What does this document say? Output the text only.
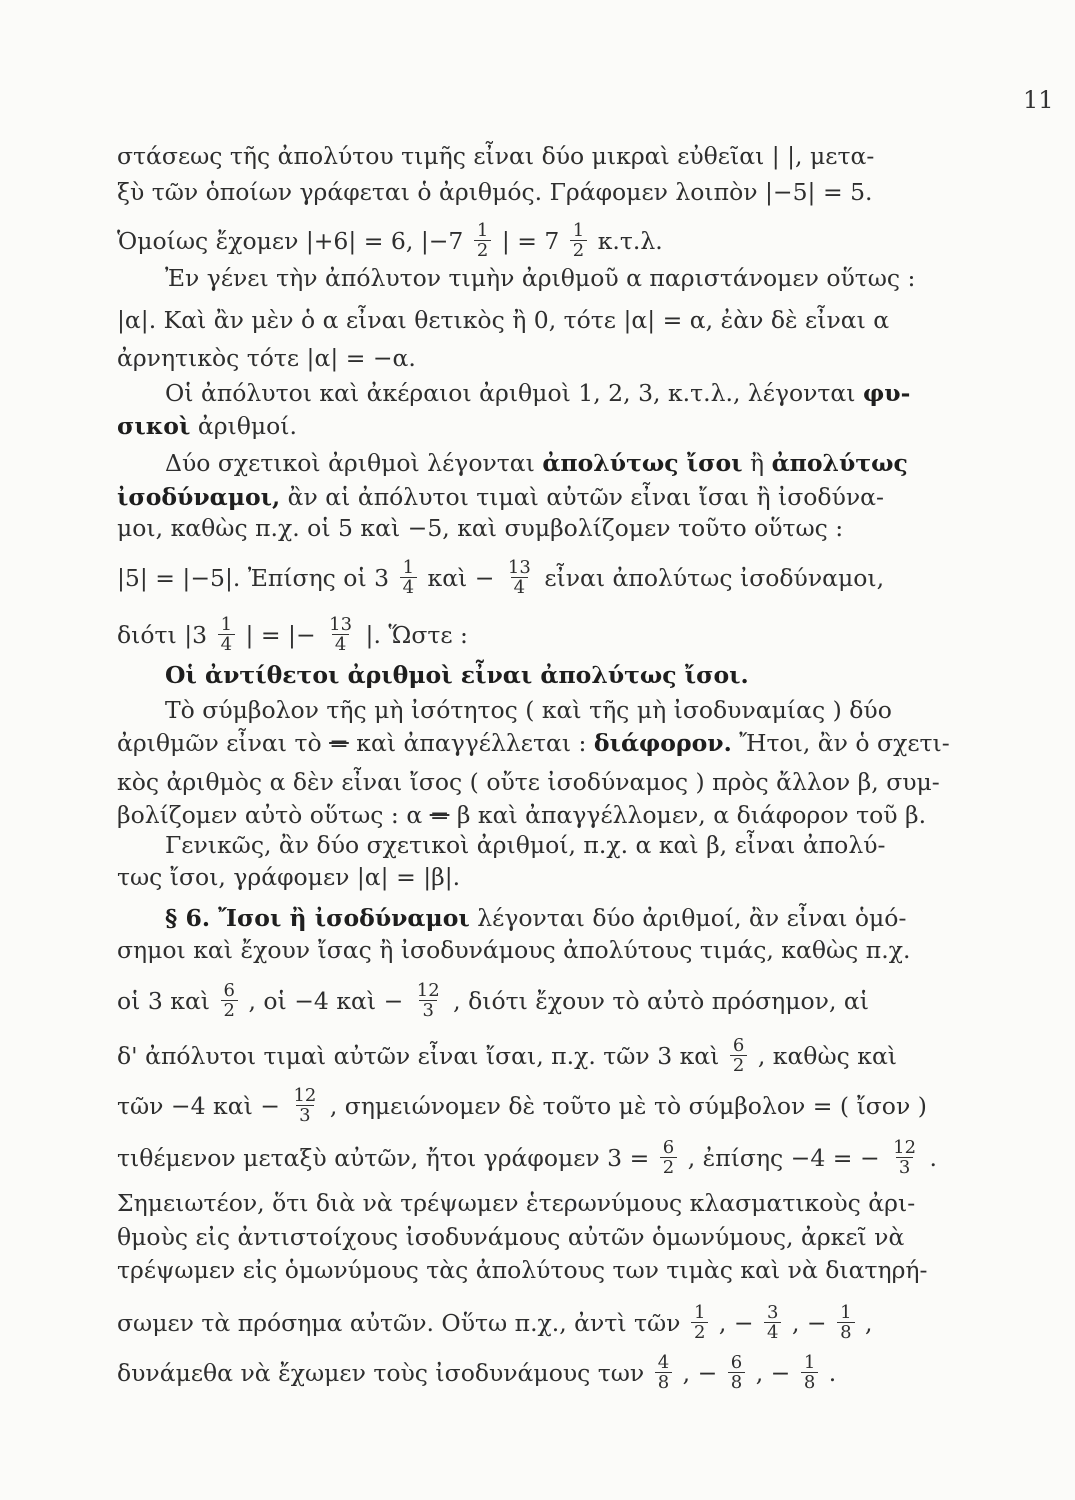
11
στάσεως τῆς ἀπολύτου τιμῆς εἶναι δύο μικραὶ εὐθεῖαι | |, μετα-
ξὺ τῶν ὁποίων γράφεται ὁ ἀριθμός. Γράφομεν λοιπὸν |−5| = 5.
Ὁμοίως ἔχομεν |+6| = 6, $|-7 \frac{1}{2}$ | = $7 \frac{1}{2} \kappa.\tau.\lambda$.
Ἐν γένει τὴν ἀπόλυτον τιμὴν ἀριθμοῦ α παριστάνομεν οὕτως :
|α|. Καὶ ἂν μὲν ὁ α εἶναι θετικὸς ἢ 0, τότε |α| = α, ἐὰν δὲ εἶναι α
ἀρνητικὸς τότε |α| = −α.
Οἱ ἀπόλυτοι καὶ ἀκέραιοι ἀριθμοὶ 1, 2, 3, κ.τ.λ., λέγονται φυ-
σικοὶ ἀριθμοί.
Δύο σχετικοὶ ἀριθμοὶ λέγονται ἀπολύτως ἴσοι ἢ ἀπολύτως
ἰσοδύναμοι, ἂν αἱ ἀπόλυτοι τιμαὶ αὐτῶν εἶναι ἴσαι ἢ ἰσοδύνα-
μοι, καθὼς π.χ. οἱ 5 καὶ −5, καὶ συμβολίζομεν τοῦτο οὕτως :
|5| = |−5|. Ἐπίσης οἱ $3 \frac{1}{4}$ καὶ − $\frac{13}{4}$ εἶναι ἀπολύτως ἰσοδύναμοι,
διότι $|3 \frac{1}{4}$ | = |− $\frac{13}{4}$ |. Ὥστε :
Οἱ ἀντίθετοι ἀριθμοὶ εἶναι ἀπολύτως ἴσοι.
Τὸ σύμβολον τῆς μὴ ἰσότητος ( καὶ τῆς μὴ ἰσοδυναμίας ) δύο
ἀριθμῶν εἶναι τὸ = καὶ ἀπαγγέλλεται : διάφορον. Ἤτοι, ἂν ὁ σχετι-
κὸς ἀριθμὸς α δὲν εἶναι ἴσος ( οὔτε ἰσοδύναμος ) πρὸς ἄλλον β, συμ-
βολίζομεν αὐτὸ οὕτως : α = β καὶ ἀπαγγέλλομεν, α διάφορον τοῦ β.
Γενικῶς, ἂν δύο σχετικοὶ ἀριθμοί, π.χ. α καὶ β, εἶναι ἀπολύ-
τως ἴσοι, γράφομεν |α| = |β|.
§ 6. Ἴσοι ἢ ἰσοδύναμοι λέγονται δύο ἀριθμοί, ἂν εἶναι ὁμό-
σημοι καὶ ἔχουν ἴσας ἢ ἰσοδυνάμους ἀπολύτους τιμάς, καθὼς π.χ.
οἱ 3 καὶ $\frac{6}{2}$ , οἱ −4 καὶ − $\frac{12}{3}$ , διότι ἔχουν τὸ αὐτὸ πρόσημον, αἱ
δ' ἀπόλυτοι τιμαὶ αὐτῶν εἶναι ἴσαι, π.χ. τῶν 3 καὶ $\frac{6}{2}$ , καθὼς καὶ
τῶν −4 καὶ − $\frac{12}{3}$ , σημειώνομεν δὲ τοῦτο μὲ τὸ σύμβολον = ( ἴσον )
τιθέμενον μεταξὺ αὐτῶν, ἤτοι γράφομεν $3 = \frac{6}{2}$ , ἐπίσης −4 = − $\frac{12}{3}$ .
Σημειωτέον, ὅτι διὰ νὰ τρέψωμεν ἑτερωνύμους κλασματικοὺς ἀρι-
θμοὺς εἰς ἀντιστοίχους ἰσοδυνάμους αὐτῶν ὁμωνύμους, ἀρκεῖ νὰ
τρέψωμεν εἰς ὁμωνύμους τὰς ἀπολύτους των τιμὰς καὶ νὰ διατηρή-
σωμεν τὰ πρόσημα αὐτῶν. Οὕτω π.χ., ἀντὶ τῶν $\frac{1}{2}$ , − $\frac{3}{4}$ , − $\frac{1}{8}$ ,
δυνάμεθα νὰ ἔχωμεν τοὺς ἰσοδυνάμους των $\frac{4}{8}$ , − $\frac{6}{8}$ , − $\frac{1}{8}$ .
